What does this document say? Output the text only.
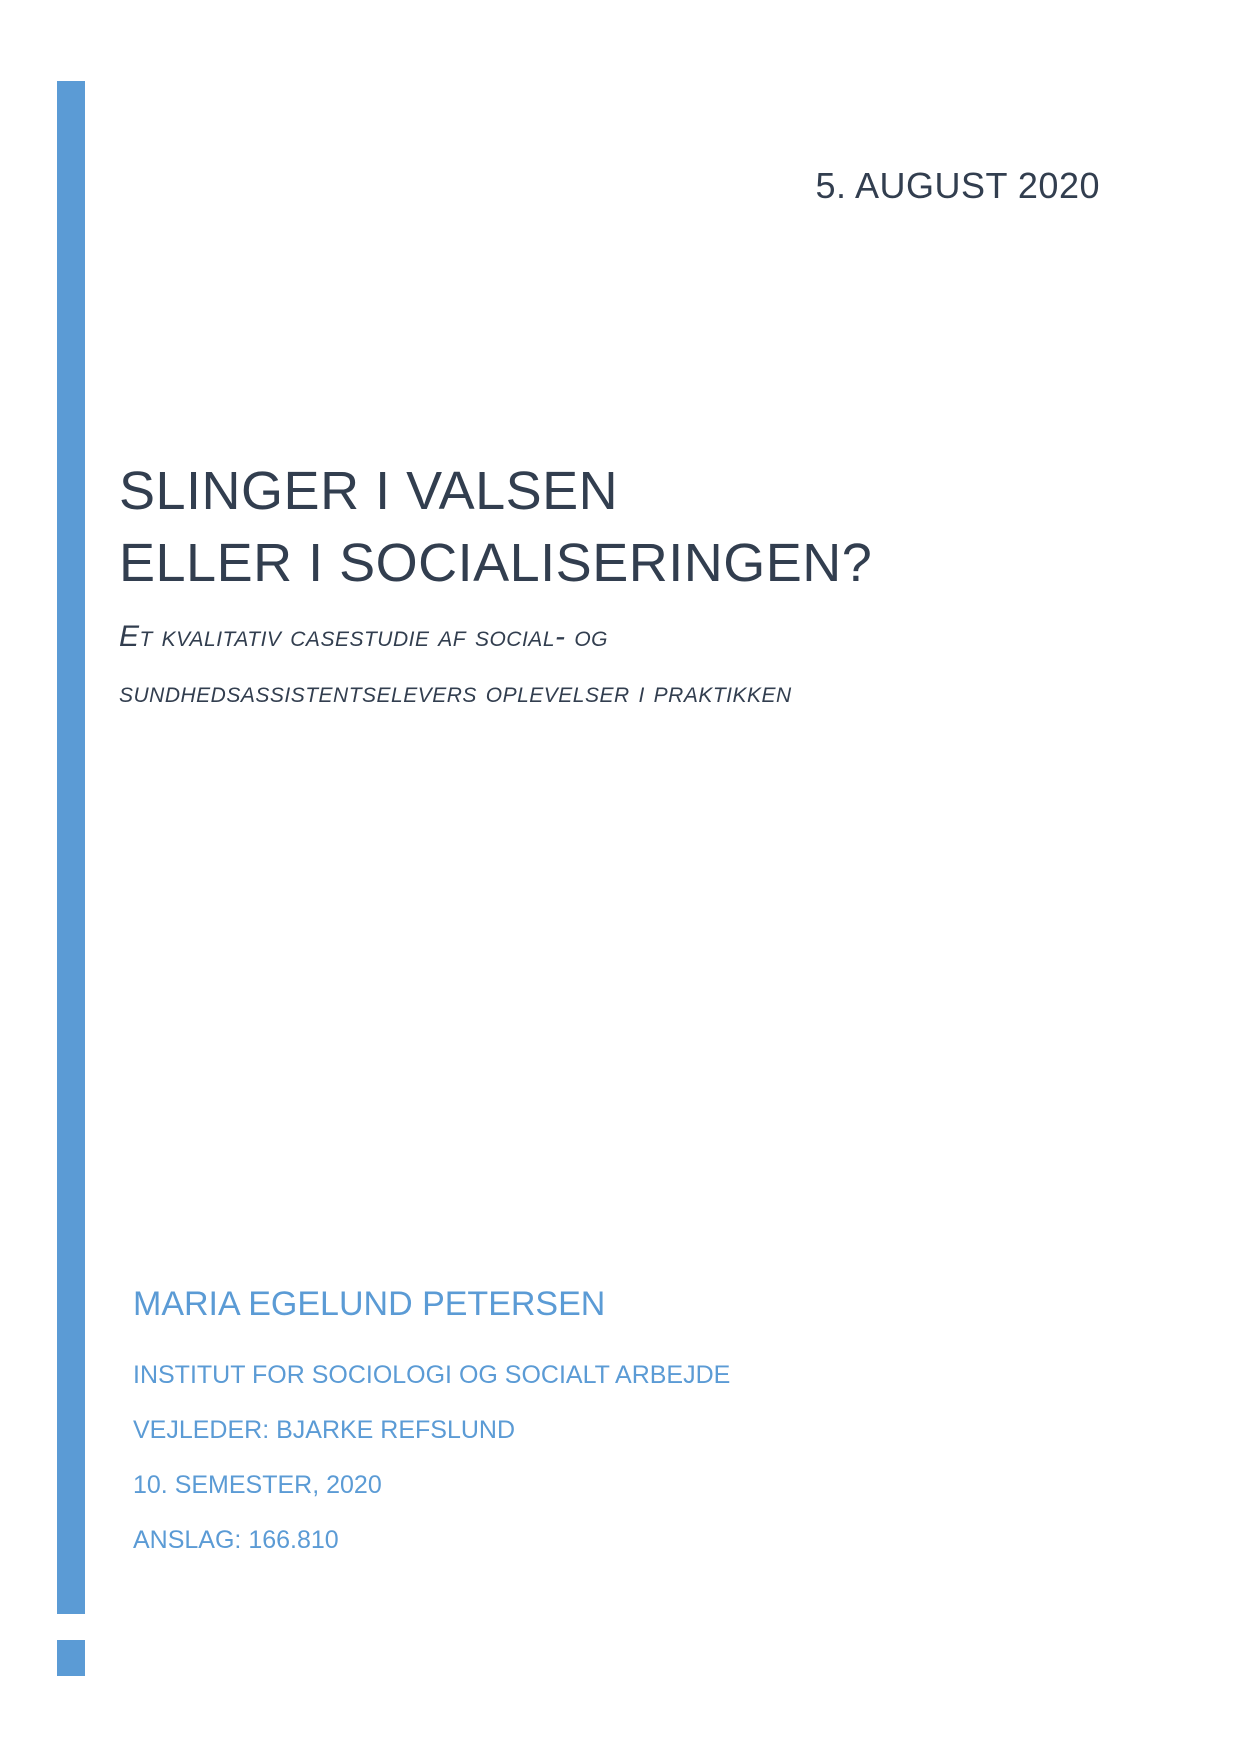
5. AUGUST 2020
SLINGER I VALSEN
ELLER I SOCIALISERINGEN?
Et kvalitativ casestudie af social- og
sundhedsassistentselevers oplevelser i praktikken
MARIA EGELUND PETERSEN
INSTITUT FOR SOCIOLOGI OG SOCIALT ARBEJDE
VEJLEDER: BJARKE REFSLUND
10. SEMESTER, 2020
ANSLAG: 166.810
